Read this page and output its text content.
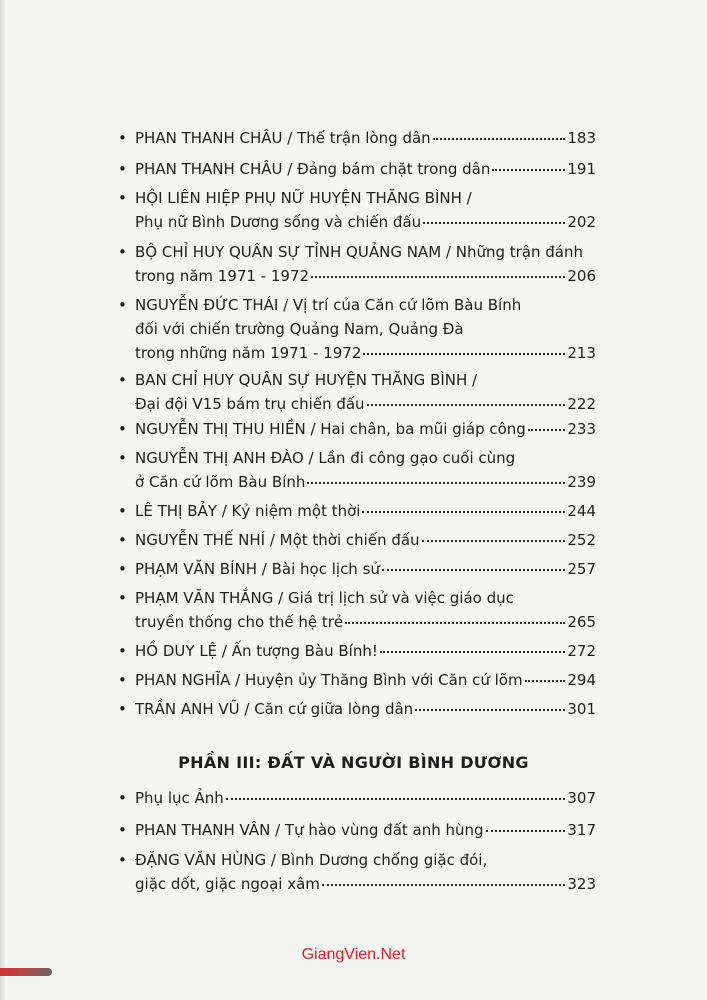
• PHAN THANH CHÂU / Thế trận lòng dân	183
• PHAN THANH CHÂU / Đảng bám chặt trong dân	191
• HỘI LIÊN HIỆP PHỤ NỮ HUYỆN THĂNG BÌNH /
Phụ nữ Bình Dương sống và chiến đấu	202
• BỘ CHỈ HUY QUÂN SỰ TỈNH QUẢNG NAM / Những trận đánh
trong năm 1971 - 1972	206
• NGUYỄN ĐỨC THÁI / Vị trí của Căn cứ lõm Bàu Bính
đối với chiến trường Quảng Nam, Quảng Đà
trong những năm 1971 - 1972	213
• BAN CHỈ HUY QUÂN SỰ HUYỆN THĂNG BÌNH /
Đại đội V15 bám trụ chiến đấu	222
• NGUYỄN THỊ THU HIỀN / Hai chân, ba mũi giáp công	233
• NGUYỄN THỊ ANH ĐÀO / Lần đi công gạo cuối cùng
ở Căn cứ lõm Bàu Bính	239
• LÊ THỊ BẢY / Kỷ niệm một thời	244
• NGUYỄN THẾ NHÍ / Một thời chiến đấu	252
• PHẠM VĂN BÍNH / Bài học lịch sử	257
• PHẠM VĂN THẮNG / Giá trị lịch sử và việc giáo dục
truyền thống cho thế hệ trẻ	265
• HỒ DUY LỆ / Ấn tượng Bàu Bính!	272
• PHAN NGHĨA / Huyện ủy Thăng Bình với Căn cứ lõm	294
• TRẦN ANH VŨ / Căn cứ giữa lòng dân	301
PHẦN III: ĐẤT VÀ NGƯỜI BÌNH DƯƠNG
• Phụ lục Ảnh	307
• PHAN THANH VÂN / Tự hào vùng đất anh hùng	317
• ĐẶNG VĂN HÙNG / Bình Dương chống giặc đói,
giặc dốt, giặc ngoại xâm	323
GiangVien.Net
